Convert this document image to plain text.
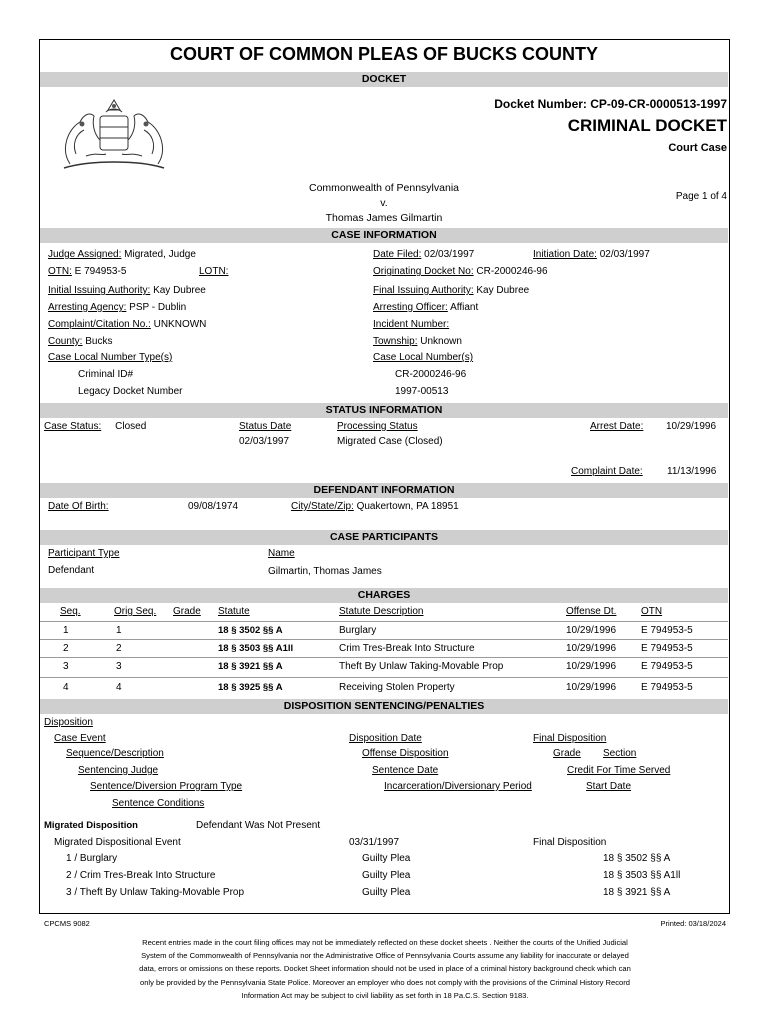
COURT OF COMMON PLEAS OF BUCKS COUNTY
DOCKET
Docket Number: CP-09-CR-0000513-1997
CRIMINAL DOCKET
Court Case
Commonwealth of Pennsylvania
v.
Thomas James Gilmartin
Page 1 of 4
CASE INFORMATION
Judge Assigned: Migrated, Judge	Date Filed: 02/03/1997	Initiation Date: 02/03/1997
OTN: E 794953-5	LOTN:	Originating Docket No: CR-2000246-96
Initial Issuing Authority: Kay Dubree	Final Issuing Authority: Kay Dubree
Arresting Agency: PSP - Dublin	Arresting Officer: Affiant
Complaint/Citation No.: UNKNOWN	Incident Number:
County: Bucks	Township: Unknown
Case Local Number Type(s)	Case Local Number(s)
Criminal ID#	CR-2000246-96
Legacy Docket Number	1997-00513
STATUS INFORMATION
Case Status: Closed	Status Date
02/03/1997
Processing Status
Migrated Case (Closed)
Arrest Date: 10/29/1996
Complaint Date: 11/13/1996
DEFENDANT INFORMATION
Date Of Birth:	09/08/1974	City/State/Zip: Quakertown, PA 18951
CASE PARTICIPANTS
Participant Type	Name
Defendant	Gilmartin, Thomas James
CHARGES
Seq.	Orig Seq. Grade Statute	Statute Description	Offense Dt. OTN
1	1	18 § 3502 §§ A	Burglary	10/29/1996 E 794953-5
2	2	18 § 3503 §§ A1ll	Crim Tres-Break Into Structure	10/29/1996 E 794953-5
3	3	18 § 3921 §§ A	Theft By Unlaw Taking-Movable Prop	10/29/1996 E 794953-5
4	4	18 § 3925 §§ A	Receiving Stolen Property	10/29/1996 E 794953-5
DISPOSITION SENTENCING/PENALTIES
Disposition
Case Event
Sequence/Description
Sentencing Judge
Sentence/Diversion Program Type
Sentence Conditions
Disposition Date
Offense Disposition
Sentence Date
Incarceration/Diversionary Period
Final Disposition
Grade Section
Credit For Time Served
Start Date
Migrated Disposition	Defendant Was Not Present
Migrated Dispositional Event	03/31/1997	Final Disposition
1 / Burglary	Guilty Plea	18 § 3502 §§ A
2 / Crim Tres-Break Into Structure	Guilty Plea	18 § 3503 §§ A1ll
3 / Theft By Unlaw Taking-Movable Prop	Guilty Plea	18 § 3921 §§ A
CPCMS 9082	Printed: 03/18/2024
Recent entries made in the court filing offices may not be immediately reflected on these docket sheets . Neither the courts of the Unified Judicial
System of the Commonwealth of Pennsylvania nor the Administrative Office of Pennsylvania Courts assume any liability for inaccurate or delayed
data, errors or omissions on these reports. Docket Sheet information should not be used in place of a criminal history background check which can
only be provided by the Pennsylvania State Police. Moreover an employer who does not comply with the provisions of the Criminal History Record
Information Act may be subject to civil liability as set forth in 18 Pa.C.S. Section 9183.
